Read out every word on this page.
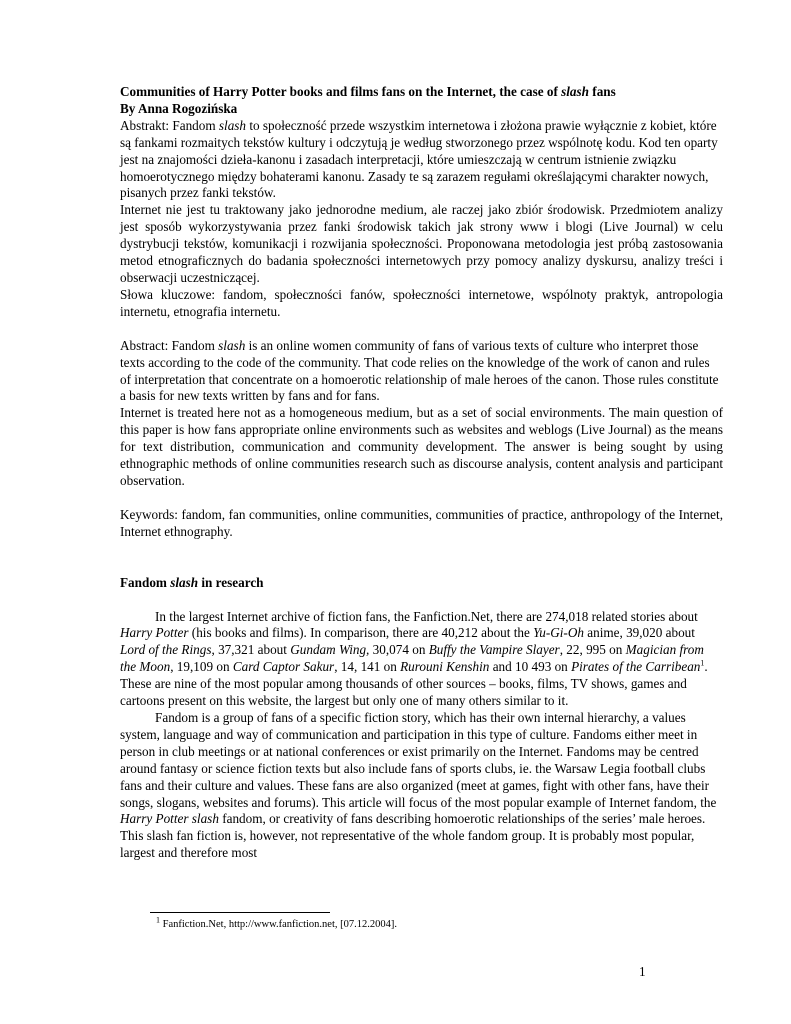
Communities of Harry Potter books and films fans on the Internet, the case of slash fans

By Anna Rogozińska

Abstrakt: Fandom slash to społeczność przede wszystkim internetowa i złożona prawie wyłącznie z kobiet, które są fankami rozmaitych tekstów kultury i odczytują je według stworzonego przez wspólnotę kodu. Kod ten oparty jest na znajomości dzieła-kanonu i zasadach interpretacji, które umieszczają w centrum istnienie związku homoerotycznego między bohaterami kanonu. Zasady te są zarazem regułami określającymi charakter nowych, pisanych przez fanki tekstów.

Internet nie jest tu traktowany jako jednorodne medium, ale raczej jako zbiór środowisk. Przedmiotem analizy jest sposób wykorzystywania przez fanki środowisk takich jak strony www i blogi (Live Journal) w celu dystrybucji tekstów, komunikacji i rozwijania społeczności. Proponowana metodologia jest próbą zastosowania metod etnograficznych do badania społeczności internetowych przy pomocy analizy dyskursu, analizy treści i obserwacji uczestniczącej.

Słowa kluczowe: fandom, społeczności fanów, społeczności internetowe, wspólnoty praktyk, antropologia internetu, etnografia internetu.

Abstract: Fandom slash is an online women community of fans of various texts of culture who interpret those texts according to the code of the community. That code relies on the knowledge of the work of canon and rules of interpretation that concentrate on a homoerotic relationship of male heroes of the canon. Those rules constitute a basis for new texts written by fans and for fans.

Internet is treated here not as a homogeneous medium, but as a set of social environments. The main question of this paper is how fans appropriate online environments such as websites and weblogs (Live Journal) as the means for text distribution, communication and community development. The answer is being sought by using ethnographic methods of online communities research such as discourse analysis, content analysis and participant observation.

Keywords: fandom, fan communities, online communities, communities of practice, anthropology of the Internet, Internet ethnography.

Fandom slash in research

In the largest Internet archive of fiction fans, the Fanfiction.Net, there are 274,018 related stories about Harry Potter (his books and films). In comparison, there are 40,212 about the Yu-Gi-Oh anime, 39,020 about Lord of the Rings, 37,321 about Gundam Wing, 30,074 on Buffy the Vampire Slayer, 22, 995 on Magician from the Moon, 19,109 on Card Captor Sakur, 14, 141 on Rurouni Kenshin and 10 493 on Pirates of the Carribean$^1$. These are nine of the most popular among thousands of other sources – books, films, TV shows, games and cartoons present on this website, the largest but only one of many others similar to it.

Fandom is a group of fans of a specific fiction story, which has their own internal hierarchy, a values system, language and way of communication and participation in this type of culture. Fandoms either meet in person in club meetings or at national conferences or exist primarily on the Internet. Fandoms may be centred around fantasy or science fiction texts but also include fans of sports clubs, ie. the Warsaw Legia football clubs fans and their culture and values. These fans are also organized (meet at games, fight with other fans, have their songs, slogans, websites and forums). This article will focus of the most popular example of Internet fandom, the Harry Potter slash fandom, or creativity of fans describing homoerotic relationships of the series’ male heroes. This slash fan fiction is, however, not representative of the whole fandom group. It is probably most popular, largest and therefore most

$^1$ Fanfiction.Net, http://www.fanfiction.net, [07.12.2004].
1
